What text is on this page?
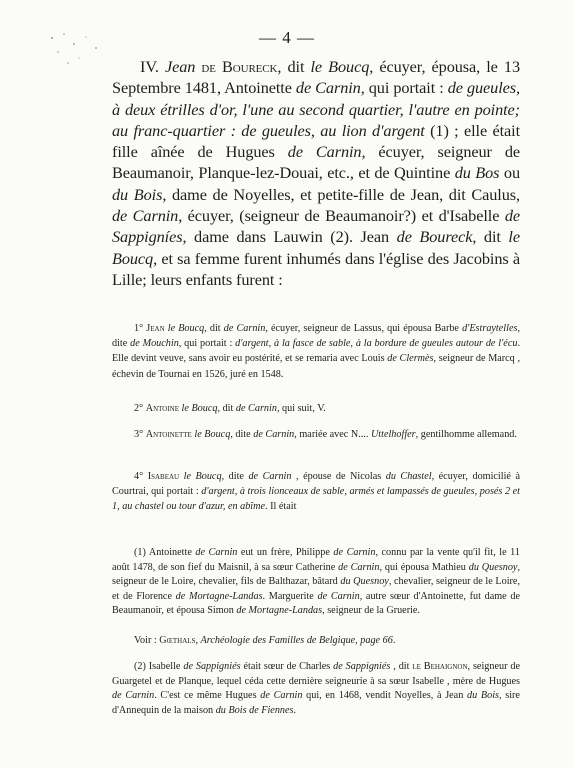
— 4 —

IV. Jean de Boureck, dit le Boucq, écuyer, épousa, le 13 Septembre 1481, Antoinette de Carnin, qui portait : de gueules, à deux étrilles d'or, l'une au second quartier, l'autre en pointe; au franc-quartier : de gueules, au lion d'argent (1) ; elle était fille aînée de Hugues de Carnin, écuyer, seigneur de Beaumanoir, Planque-lez-Douai, etc., et de Quintine du Bos ou du Bois, dame de Noyelles, et petite-fille de Jean, dit Caulus, de Carnin, écuyer, (seigneur de Beaumanoir?) et d'Isabelle de Sappigníes, dame dans Lauwin (2). Jean de Boureck, dit le Boucq, et sa femme furent inhumés dans l'église des Jacobins à Lille; leurs enfants furent :

1° Jean le Boucq, dit de Carnin, écuyer, seigneur de Lassus, qui épousa Barbe d'Estraytelles, dite de Mouchin, qui portait : d'argent, à la fasce de sable, à la bordure de gueules autour de l'écu. Elle devint veuve, sans avoir eu postérité, et se remaria avec Louis de Clermès, seigneur de Marcq , échevin de Tournai en 1526, juré en 1548.

2° Antoine le Boucq, dit de Carnin, qui suit, V.

3° Antoinette le Boucq, dite de Carnin, mariée avec N.... Uttelhoffer, gentilhomme allemand.

4° Isabeau le Boucq, dite de Carnin , épouse de Nicolas du Chastel, écuyer, domicilié à Courtrai, qui portait : d'argent, à trois lionceaux de sable, armés et lampassés de gueules, posés 2 et 1, au chastel ou tour d'azur, en abîme. Il était

(1) Antoinette de Carnin eut un frère, Philippe de Carnin, connu par la vente qu'il fit, le 11 août 1478, de son fief du Maisnil, à sa sœur Catherine de Carnin, qui épousa Mathieu du Quesnoy, seigneur de le Loire, chevalier, fils de Balthazar, bâtard du Quesnoy, chevalier, seigneur de le Loire, et de Florence de Mortagne-Landas. Marguerite de Carnin, autre sœur d'Antoinette, fut dame de Beaumanoir, et épousa Simon de Mortagne-Landas, seigneur de la Gruerie.

Voir : Gœthals, Archéologie des Familles de Belgique, page 66.

(2) Isabelle de Sappigniés était sœur de Charles de Sappigniés , dit le Behaignon, seigneur de Guargetel et de Planque, lequel céda cette dernière seigneurie à sa sœur Isabelle , mère de Hugues de Carnin. C'est ce même Hugues de Carnin qui, en 1468, vendit Noyelles, à Jean du Bois, sire d'Annequin de la maison du Bois de Fiennes.
